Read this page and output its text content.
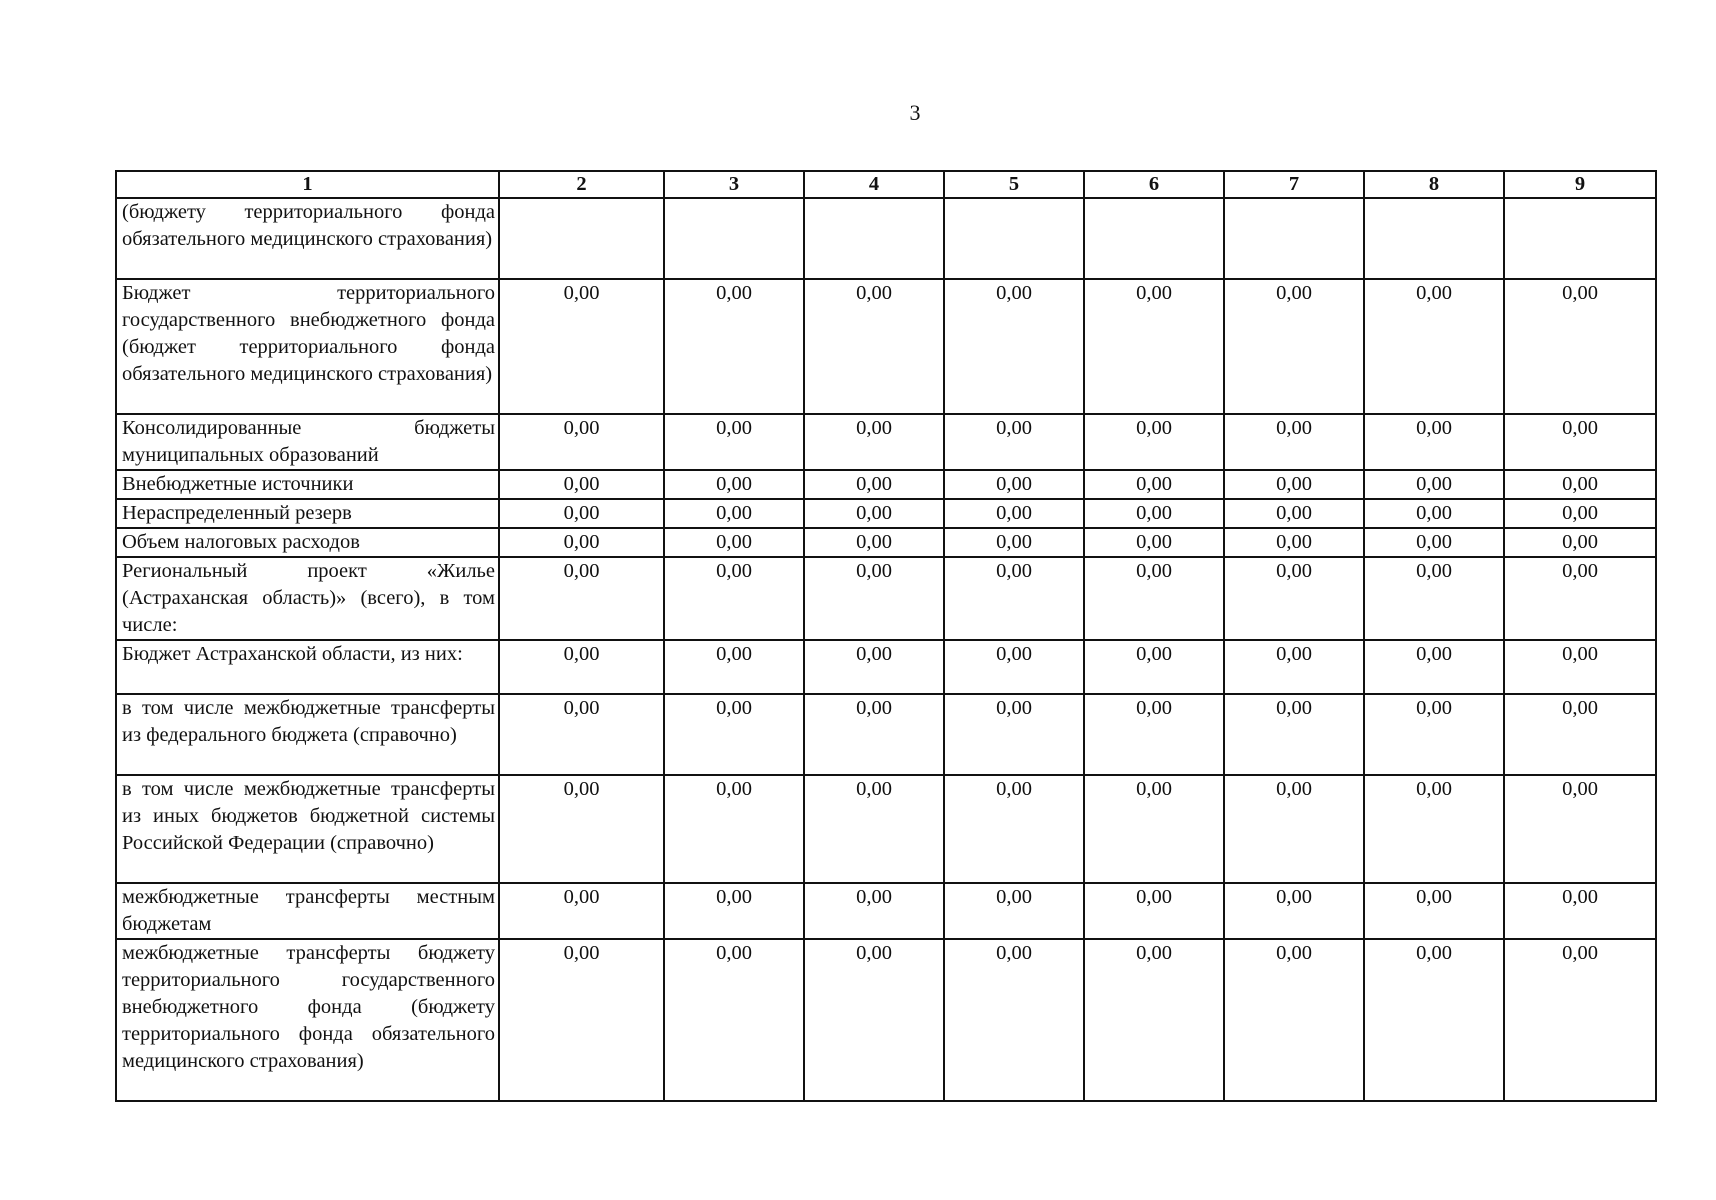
3
1	2	3	4	5	6	7	8	9
(бюджету территориального фонда обязательного медицинского страхования)								
Бюджет территориального государственного внебюджетного фонда (бюджет территориального фонда обязательного медицинского страхования)	0,00	0,00	0,00	0,00	0,00	0,00	0,00	0,00
Консолидированные бюджеты муниципальных образований	0,00	0,00	0,00	0,00	0,00	0,00	0,00	0,00
Внебюджетные источники	0,00	0,00	0,00	0,00	0,00	0,00	0,00	0,00
Нераспределенный резерв	0,00	0,00	0,00	0,00	0,00	0,00	0,00	0,00
Объем налоговых расходов	0,00	0,00	0,00	0,00	0,00	0,00	0,00	0,00
Региональный проект «Жилье (Астраханская область)» (всего), в том числе:	0,00	0,00	0,00	0,00	0,00	0,00	0,00	0,00
Бюджет Астраханской области, из них:	0,00	0,00	0,00	0,00	0,00	0,00	0,00	0,00
в том числе межбюджетные трансферты из федерального бюджета (справочно)	0,00	0,00	0,00	0,00	0,00	0,00	0,00	0,00
в том числе межбюджетные трансферты из иных бюджетов бюджетной системы Российской Федерации (справочно)	0,00	0,00	0,00	0,00	0,00	0,00	0,00	0,00
межбюджетные трансферты местным бюджетам	0,00	0,00	0,00	0,00	0,00	0,00	0,00	0,00
межбюджетные трансферты бюджету территориального государственного внебюджетного фонда (бюджету территориального фонда обязательного медицинского страхования)	0,00	0,00	0,00	0,00	0,00	0,00	0,00	0,00
